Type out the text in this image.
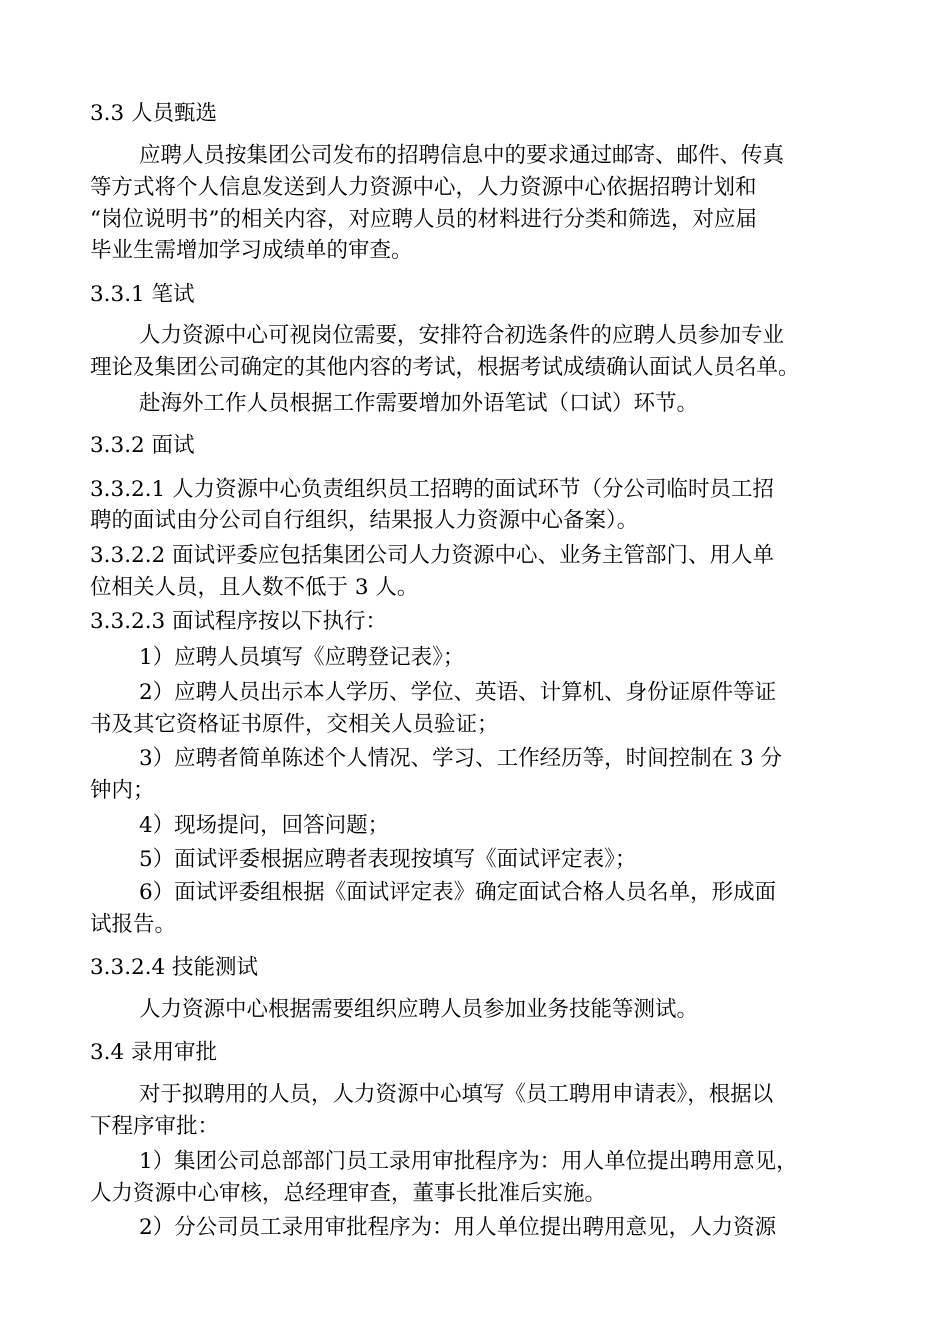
3.3 人员甄选

应聘人员按集团公司发布的招聘信息中的要求通过邮寄、邮件、传真

等方式将个人信息发送到人力资源中心，人力资源中心依据招聘计划和

“岗位说明书”的相关内容，对应聘人员的材料进行分类和筛选，对应届

毕业生需增加学习成绩单的审查。

3.3.1 笔试

人力资源中心可视岗位需要，安排符合初选条件的应聘人员参加专业

理论及集团公司确定的其他内容的考试，根据考试成绩确认面试人员名单。

赴海外工作人员根据工作需要增加外语笔试（口试）环节。

3.3.2 面试

3.3.2.1 人力资源中心负责组织员工招聘的面试环节（分公司临时员工招

聘的面试由分公司自行组织，结果报人力资源中心备案）。

3.3.2.2 面试评委应包括集团公司人力资源中心、业务主管部门、用人单

位相关人员，且人数不低于 3 人。

3.3.2.3 面试程序按以下执行：

1）应聘人员填写《应聘登记表》；

2）应聘人员出示本人学历、学位、英语、计算机、身份证原件等证

书及其它资格证书原件，交相关人员验证；

3）应聘者简单陈述个人情况、学习、工作经历等，时间控制在 3 分

钟内；

4）现场提问，回答问题；

5）面试评委根据应聘者表现按填写《面试评定表》；

6）面试评委组根据《面试评定表》确定面试合格人员名单，形成面

试报告。

3.3.2.4 技能测试

人力资源中心根据需要组织应聘人员参加业务技能等测试。

3.4 录用审批

对于拟聘用的人员，人力资源中心填写《员工聘用申请表》，根据以

下程序审批：

1）集团公司总部部门员工录用审批程序为：用人单位提出聘用意见，

人力资源中心审核，总经理审查，董事长批准后实施。

2）分公司员工录用审批程序为：用人单位提出聘用意见，人力资源
